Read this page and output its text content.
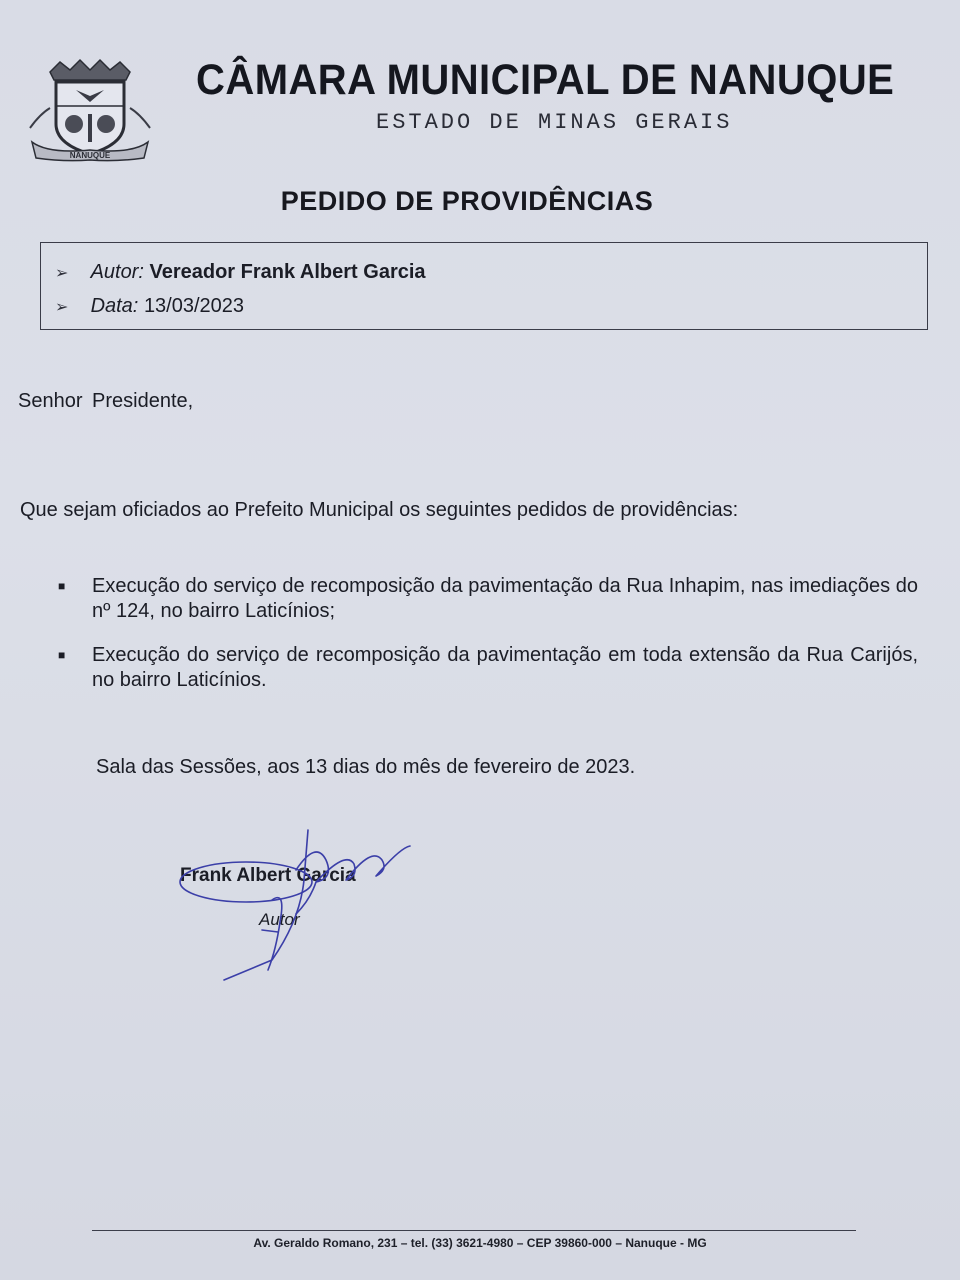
NANUQUE
CÂMARA MUNICIPAL DE NANUQUE
ESTADO DE MINAS GERAIS
PEDIDO DE PROVIDÊNCIAS
➢ Autor: Vereador Frank Albert Garcia
➢ Data: 13/03/2023
Senhor Presidente,
Que sejam oficiados ao Prefeito Municipal os seguintes pedidos de providências:
■ Execução do serviço de recomposição da pavimentação da Rua Inhapim, nas imediações do nº 124, no bairro Laticínios;
■ Execução do serviço de recomposição da pavimentação em toda extensão da Rua Carijós, no bairro Laticínios.
Sala das Sessões, aos 13 dias do mês de fevereiro de 2023.
Frank Albert Garcia
Autor
Av. Geraldo Romano, 231 – tel. (33) 3621-4980 – CEP 39860-000 – Nanuque - MG
